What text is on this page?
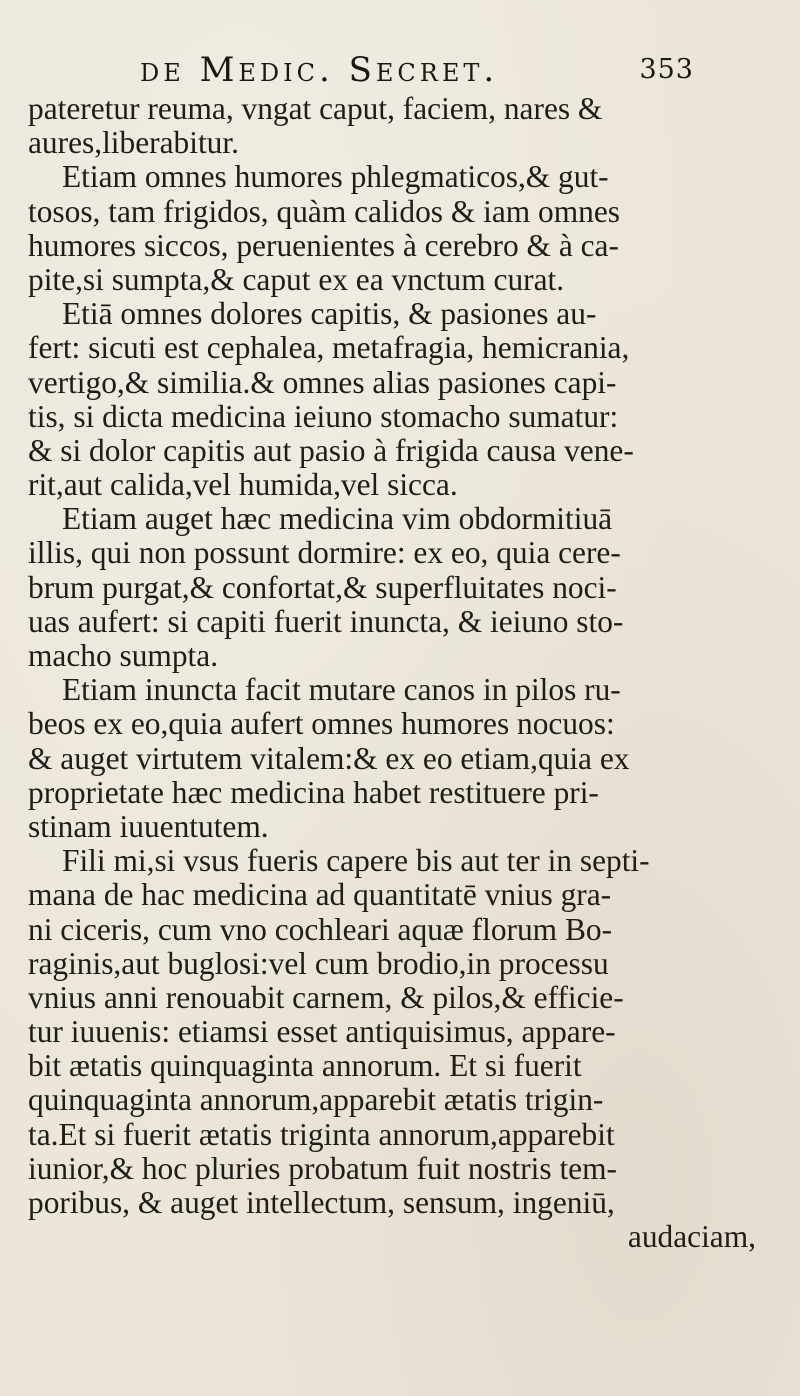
de Medic. Secret.	353
pateretur reuma, vngat caput, faciem, nares &
aures,liberabitur.
Etiam omnes humores phlegmaticos,& gut-
tosos, tam frigidos, quàm calidos & iam omnes
humores siccos, peruenientes à cerebro & à ca-
pite,si sumpta,& caput ex ea vnctum curat.
Etiā omnes dolores capitis, & pasiones au-
fert: sicuti est cephalea, metafragia, hemicrania,
vertigo,& similia.& omnes alias pasiones capi-
tis, si dicta medicina ieiuno stomacho sumatur:
& si dolor capitis aut pasio à frigida causa vene-
rit,aut calida,vel humida,vel sicca.
Etiam auget hæc medicina vim obdormitiuā
illis, qui non possunt dormire: ex eo, quia cere-
brum purgat,& confortat,& superfluitates noci-
uas aufert: si capiti fuerit inuncta, & ieiuno sto-
macho sumpta.
Etiam inuncta facit mutare canos in pilos ru-
beos ex eo,quia aufert omnes humores nocuos:
& auget virtutem vitalem:& ex eo etiam,quia ex
proprietate hæc medicina habet restituere pri-
stinam iuuentutem.
Fili mi,si vsus fueris capere bis aut ter in septi-
mana de hac medicina ad quantitatē vnius gra-
ni ciceris, cum vno cochleari aquæ florum Bo-
raginis,aut buglosi:vel cum brodio,in processu
vnius anni renouabit carnem, & pilos,& efficie-
tur iuuenis: etiamsi esset antiquisimus, appare-
bit ætatis quinquaginta annorum. Et si fuerit
quinquaginta annorum,apparebit ætatis trigin-
ta.Et si fuerit ætatis triginta annorum,apparebit
iunior,& hoc pluries probatum fuit nostris tem-
poribus, & auget intellectum, sensum, ingeniū,
audaciam,
